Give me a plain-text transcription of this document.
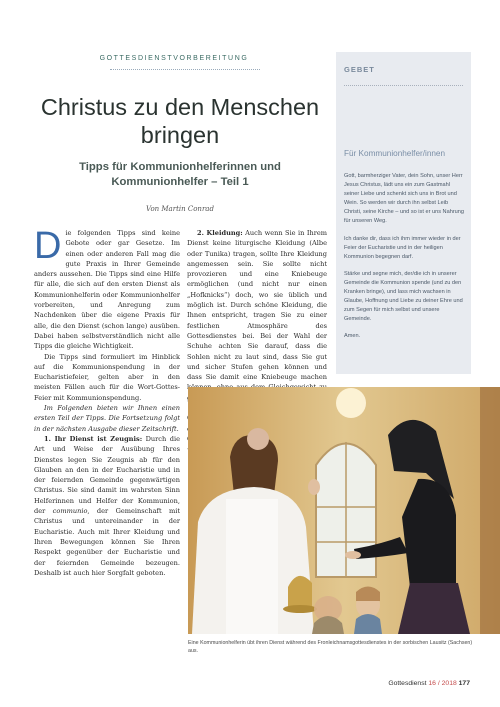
GOTTESDIENSTVORBEREITUNG
Christus zu den Menschen bringen
Tipps für Kommunionhelferinnen und Kommunionhelfer – Teil 1
Von Martin Conrad

Die folgenden Tipps sind keine Gebote oder gar Gesetze. Im einen oder anderen Fall mag die gute Praxis in Ihrer Gemeinde anders aussehen. Die Tipps sind eine Hilfe für alle, die sich auf den ersten Dienst als Kommunionhelferin oder Kommunionhelfer vorbereiten, und Anregung zum Nachdenken über die eigene Praxis für alle, die den Dienst (schon lange) ausüben. Dabei haben selbstverständlich nicht alle Tipps die gleiche Wichtigkeit.

Die Tipps sind formuliert im Hinblick auf die Kommunionspendung in der Eucharistiefeier, gelten aber in den meisten Fällen auch für die Wort-Gottes-Feier mit Kommunionspendung.

Im Folgenden bieten wir Ihnen einen ersten Teil der Tipps. Die Fortsetzung folgt in der nächsten Ausgabe dieser Zeitschrift.

1. Ihr Dienst ist Zeugnis: Durch die Art und Weise der Ausübung Ihres Dienstes legen Sie Zeugnis ab für den Glauben an den in der Eucharistie und in der feiernden Gemeinde gegenwärtigen Christus. Sie sind damit im wahrsten Sinn Helferinnen und Helfer der Kommunion, der communio, der Gemeinschaft mit Christus und untereinander in der Eucharistie. Auch mit Ihrer Kleidung und Ihren Bewegungen können Sie Ihren Respekt gegenüber der Eucharistie und der feiernden Gemeinde bezeugen. Deshalb ist auch hier Sorgfalt geboten.

2. Kleidung: Auch wenn Sie in Ihrem Dienst keine liturgische Kleidung (Albe oder Tunika) tragen, sollte Ihre Kleidung angemessen sein. Sie sollte nicht provozieren und eine Kniebeuge ermöglichen (und nicht nur einen „Hofknicks“) doch, wo sie üblich und möglich ist. Durch schöne Kleidung, die Ihnen entspricht, tragen Sie zu einer festlichen Atmosphäre des Gottesdienstes bei. Bei der Wahl der Schuhe achten Sie darauf, dass die Sohlen nicht zu laut sind, dass Sie gut und sicher Stufen gehen können und dass Sie damit eine Kniebeuge machen

GEBET
Für Kommunionhelfer/innen

Gott, barmherziger Vater, dein Sohn, unser Herr Jesus Christus, lädt uns ein zum Gastmahl seiner Liebe und schenkt sich uns in Brot und Wein. So werden wir durch ihn selbst Leib Christi, seine Kirche – und so ist er uns Nahrung für unseren Weg.

Ich danke dir, dass ich ihm immer wieder in der Feier der Eucharistie und in der heiligen Kommunion begegnen darf.

Stärke und segne mich, der/die ich in unserer Gemeinde die Kommunion spende (und zu den Kranken bringe), und lass mich wachsen in Glaube, Hoffnung und Liebe zu deiner Ehre und zum Segen für mich selbst und unsere Gemeinde.

Amen.

Eine Kommunionhelferin übt ihren Dienst während des Fronleichnamsgottesdienstes in der sorbischen Lausitz (Sachsen) aus.
Gottesdienst 16 / 2018 177
